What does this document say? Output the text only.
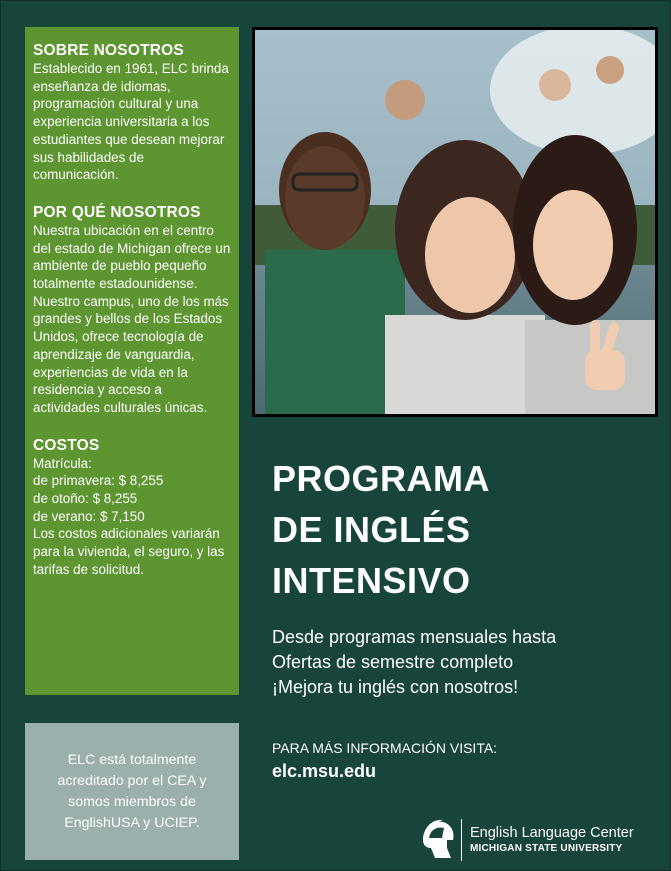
SOBRE NOSOTROS

Establecido en 1961, ELC brinda enseñanza de idiomas, programación cultural y una experiencia universitaria a los estudiantes que desean mejorar sus habilidades de comunicación.

POR QUÉ NOSOTROS

Nuestra ubicación en el centro del estado de Michigan ofrece un ambiente de pueblo pequeño totalmente estadounidense. Nuestro campus, uno de los más grandes y bellos de los Estados Unidos, ofrece tecnología de aprendizaje de vanguardia, experiencias de vida en la residencia y acceso a actividades culturales únicas.

COSTOS

Matrícula:

de primavera: $ 8,255

de otoño: $ 8,255

de verano: $ 7,150

Los costos adicionales variarán para la vivienda, el seguro, y las tarifas de solicitud.

ELC está totalmente acreditado por el CEA y somos miembros de EnglishUSA y UCIEP.

PROGRAMA
DE INGLÉS
INTENSIVO

Desde programas mensuales hasta
Ofertas de semestre completo
¡Mejora tu inglés con nosotros!

PARA MÁS INFORMACIÓN VISITA:

elc.msu.edu
English Language Center
MICHIGAN STATE UNIVERSITY
